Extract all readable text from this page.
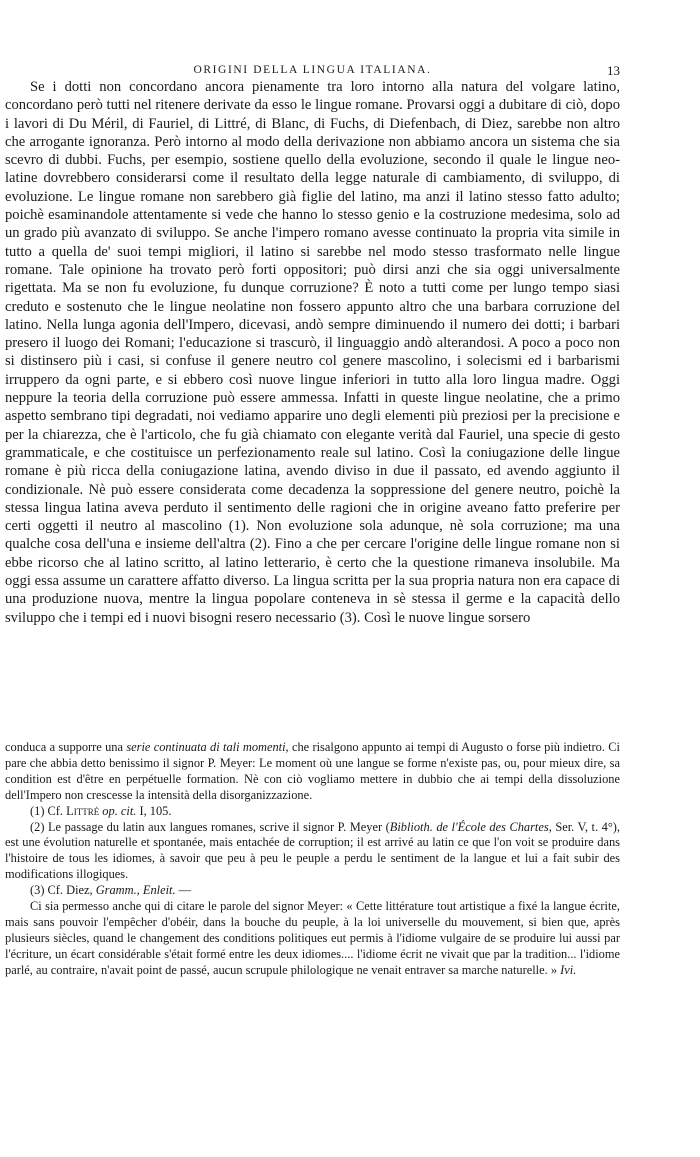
ORIGINI DELLA LINGUA ITALIANA.	13

Se i dotti non concordano ancora pienamente tra loro intorno alla natura del volgare latino, concordano però tutti nel ritenere derivate da esso le lingue romane. Provarsi oggi a dubitare di ciò, dopo i lavori di Du Méril, di Fauriel, di Littré, di Blanc, di Fuchs, di Diefenbach, di Diez, sarebbe non altro che arrogante ignoranza. Però intorno al modo della derivazione non abbiamo ancora un sistema che sia scevro di dubbi. Fuchs, per esempio, sostiene quello della evoluzione, secondo il quale le lingue neo-latine dovrebbero considerarsi come il resultato della legge naturale di cambiamento, di sviluppo, di evoluzione. Le lingue romane non sarebbero già figlie del latino, ma anzi il latino stesso fatto adulto; poichè esaminandole attentamente si vede che hanno lo stesso genio e la costruzione medesima, solo ad un grado più avanzato di sviluppo. Se anche l'impero romano avesse continuato la propria vita simile in tutto a quella de' suoi tempi migliori, il latino si sarebbe nel modo stesso trasformato nelle lingue romane. Tale opinione ha trovato però forti oppositori; può dirsi anzi che sia oggi universalmente rigettata. Ma se non fu evoluzione, fu dunque corruzione? È noto a tutti come per lungo tempo siasi creduto e sostenuto che le lingue neolatine non fossero appunto altro che una barbara corruzione del latino. Nella lunga agonia dell'Impero, dicevasi, andò sempre diminuendo il numero dei dotti; i barbari presero il luogo dei Romani; l'educazione si trascurò, il linguaggio andò alterandosi. A poco a poco non si distinsero più i casi, si confuse il genere neutro col genere mascolino, i solecismi ed i barbarismi irruppero da ogni parte, e si ebbero così nuove lingue inferiori in tutto alla loro lingua madre. Oggi neppure la teoria della corruzione può essere ammessa. Infatti in queste lingue neolatine, che a primo aspetto sembrano tipi degradati, noi vediamo apparire uno degli elementi più preziosi per la precisione e per la chiarezza, che è l'articolo, che fu già chiamato con elegante verità dal Fauriel, una specie di gesto grammaticale, e che costituisce un perfezionamento reale sul latino. Così la coniugazione delle lingue romane è più ricca della coniugazione latina, avendo diviso in due il passato, ed avendo aggiunto il condizionale. Nè può essere considerata come decadenza la soppressione del genere neutro, poichè la stessa lingua latina aveva perduto il sentimento delle ragioni che in origine aveano fatto preferire per certi oggetti il neutro al mascolino (1). Non evoluzione sola adunque, nè sola corruzione; ma una qualche cosa dell'una e insieme dell'altra (2). Fino a che per cercare l'origine delle lingue romane non si ebbe ricorso che al latino scritto, al latino letterario, è certo che la questione rimaneva insolubile. Ma oggi essa assume un carattere affatto diverso. La lingua scritta per la sua propria natura non era capace di una produzione nuova, mentre la lingua popolare conteneva in sè stessa il germe e la capacità dello sviluppo che i tempi ed i nuovi bisogni resero necessario (3). Così le nuove lingue sorsero

conduca a supporre una serie continuata di tali momenti, che risalgono appunto ai tempi di Augusto o forse più indietro. Ci pare che abbia detto benissimo il signor P. Meyer: Le moment où une langue se forme n'existe pas, ou, pour mieux dire, sa condition est d'être en perpétuelle formation. Nè con ciò vogliamo mettere in dubbio che ai tempi della dissoluzione dell'Impero non crescesse la intensità della disorganizzazione.

(1) Cf. Littré op. cit. I, 105.

(2) Le passage du latin aux langues romanes, scrive il signor P. Meyer (Biblioth. de l'École des Chartes, Ser. V, t. 4°), est une évolution naturelle et spontanée, mais entachée de corruption; il est arrivé au latin ce que l'on voit se produire dans l'histoire de tous les idiomes, à savoir que peu à peu le peuple a perdu le sentiment de la langue et lui a fait subir des modifications illogiques.

(3) Cf. Diez, Gramm., Enleit. —

Ci sia permesso anche qui di citare le parole del signor Meyer: « Cette littérature tout artistique a fixé la langue écrite, mais sans pouvoir l'empêcher d'obéir, dans la bouche du peuple, à la loi universelle du mouvement, si bien que, après plusieurs siècles, quand le changement des conditions politiques eut permis à l'idiome vulgaire de se produire lui aussi par l'écriture, un écart considérable s'était formé entre les deux idiomes.... l'idiome écrit ne vivait que par la tradition... l'idiome parlé, au contraire, n'avait point de passé, aucun scrupule philologique ne venait entraver sa marche naturelle. » Ivi.
